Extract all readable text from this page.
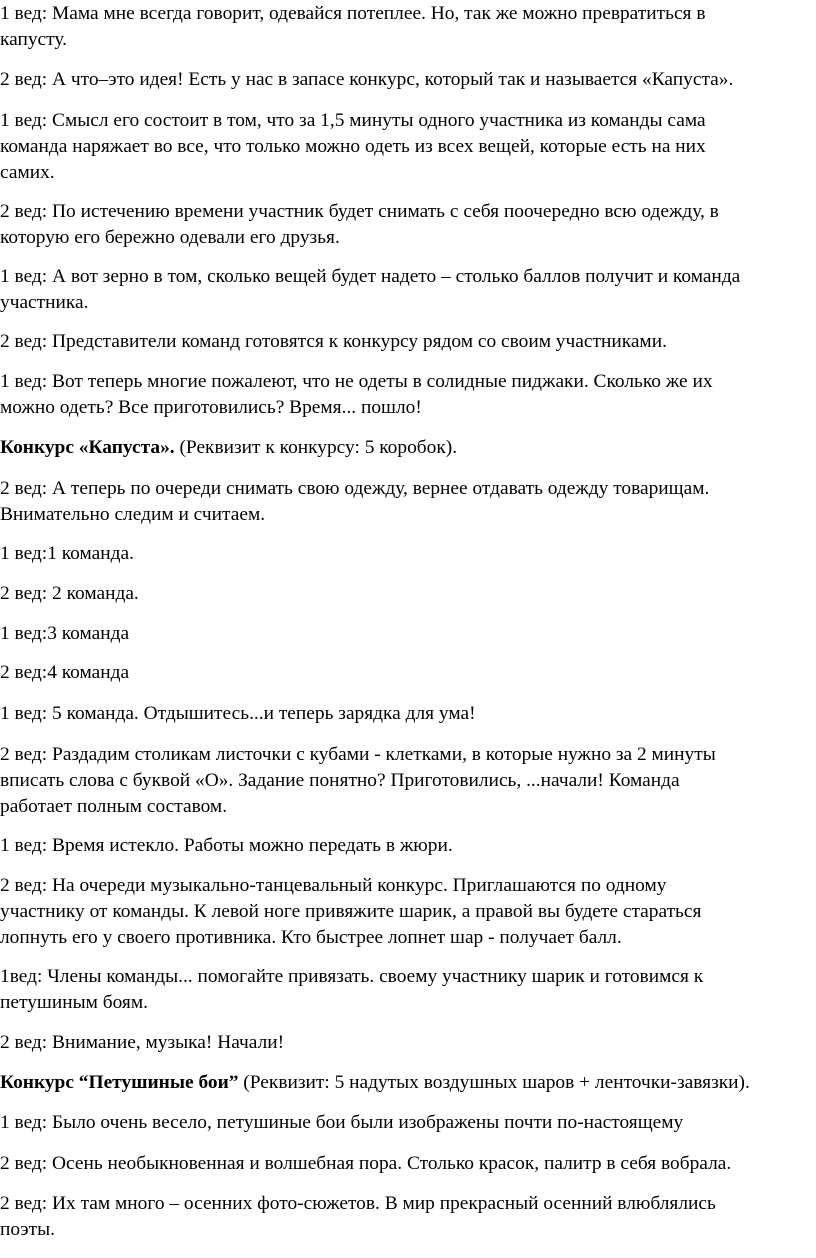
1 вед: Мама мне всегда говорит, одевайся потеплее. Но, так же можно превратиться в
капусту.
2 вед: А что–это идея! Есть у нас в запасе конкурс, который так и называется «Капуста».
1 вед: Смысл его состоит в том, что за 1,5 минуты одного участника из команды сама
команда наряжает во все, что только можно одеть из всех вещей, которые есть на них
самих.
2 вед: По истечению времени участник будет снимать с себя поочередно всю одежду, в
которую его бережно одевали его друзья.
1 вед: А вот зерно в том, сколько вещей будет надето – столько баллов получит и команда
участника.
2 вед: Представители команд готовятся к конкурсу рядом со своим участниками.
1 вед: Вот теперь многие пожалеют, что не одеты в солидные пиджаки. Сколько же их
можно одеть? Все приготовились? Время... пошло!
Конкурс «Капуста». (Реквизит к конкурсу: 5 коробок).
2 вед: А теперь по очереди снимать свою одежду, вернее отдавать одежду товарищам.
Внимательно следим и считаем.
1 вед:1 команда.
2 вед: 2 команда.
1 вед:3 команда
2 вед:4 команда
1 вед: 5 команда. Отдышитесь...и теперь зарядка для ума!
2 вед: Раздадим столикам листочки с кубами - клетками, в которые нужно за 2 минуты
вписать слова с буквой «О». Задание понятно? Приготовились, ...начали! Команда
работает полным составом.
1 вед: Время истекло. Работы можно передать в жюри.
2 вед: На очереди музыкально-танцевальный конкурс. Приглашаются по одному
участнику от команды. К левой ноге привяжите шарик, а правой вы будете стараться
лопнуть его у своего противника. Кто быстрее лопнет шар - получает балл.
1вед: Члены команды... помогайте привязать. своему участнику шарик и готовимся к
петушиным боям.
2 вед: Внимание, музыка! Начали!
Конкурс “Петушиные бои” (Реквизит: 5 надутых воздушных шаров + ленточки-завязки).
1 вед: Было очень весело, петушиные бои были изображены почти по-настоящему
2 вед: Осень необыкновенная и волшебная пора. Столько красок, палитр в себя вобрала.
2 вед: Их там много – осенних фото-сюжетов. В мир прекрасный осенний влюблялись
поэты.
